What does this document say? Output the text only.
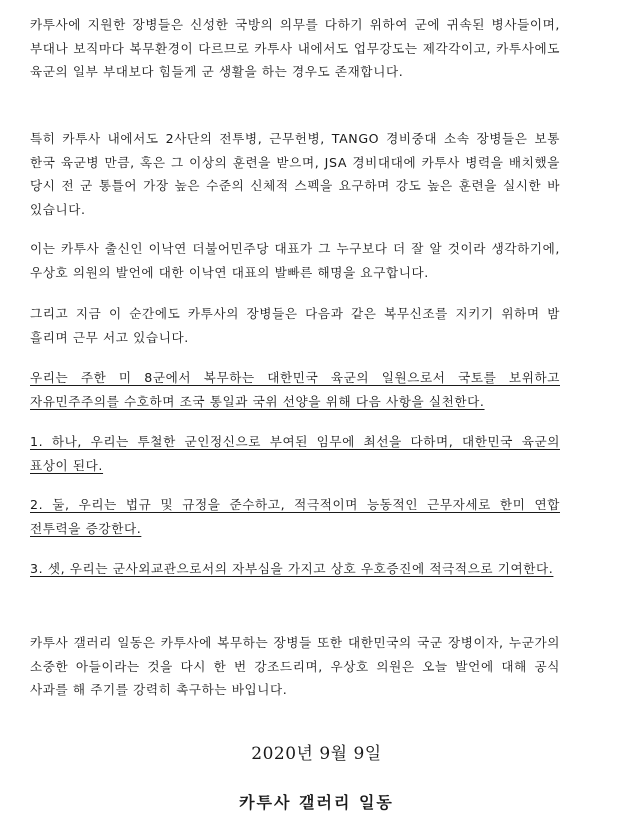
카투사에 지원한 장병들은 신성한 국방의 의무를 다하기 위하여 군에 귀속된 병사들이며, 부대나 보직마다 복무환경이 다르므로 카투사 내에서도 업무강도는 제각각이고, 카투사에도 육군의 일부 부대보다 힘들게 군 생활을 하는 경우도 존재합니다.

특히 카투사 내에서도 2사단의 전투병, 근무헌병, TANGO 경비중대 소속 장병들은 보통 한국 육군병 만큼, 혹은 그 이상의 훈련을 받으며, JSA 경비대대에 카투사 병력을 배치했을 당시 전 군 통틀어 가장 높은 수준의 신체적 스펙을 요구하며 강도 높은 훈련을 실시한 바 있습니다.

이는 카투사 출신인 이낙연 더불어민주당 대표가 그 누구보다 더 잘 알 것이라 생각하기에, 우상호 의원의 발언에 대한 이낙연 대표의 발빠른 해명을 요구합니다.

그리고 지금 이 순간에도 카투사의 장병들은 다음과 같은 복무신조를 지키기 위하며 밤 흘리며 근무 서고 있습니다.

우리는 주한 미 8군에서 복무하는 대한민국 육군의 일원으로서 국토를 보위하고 자유민주주의를 수호하며 조국 통일과 국위 선양을 위해 다음 사항을 실천한다.

1. 하나, 우리는 투철한 군인정신으로 부여된 임무에 최선을 다하며, 대한민국 육군의 표상이 된다.

2. 둘, 우리는 법규 및 규정을 준수하고, 적극적이며 능동적인 근무자세로 한미 연합 전투력을 증강한다.

3. 셋, 우리는 군사외교관으로서의 자부심을 가지고 상호 우호증진에 적극적으로 기여한다.

카투사 갤러리 일동은 카투사에 복무하는 장병들 또한 대한민국의 국군 장병이자, 누군가의 소중한 아들이라는 것을 다시 한 번 강조드리며, 우상호 의원은 오늘 발언에 대해 공식 사과를 해 주기를 강력히 촉구하는 바입니다.

2020년 9월 9일
카투사 갤러리 일동
